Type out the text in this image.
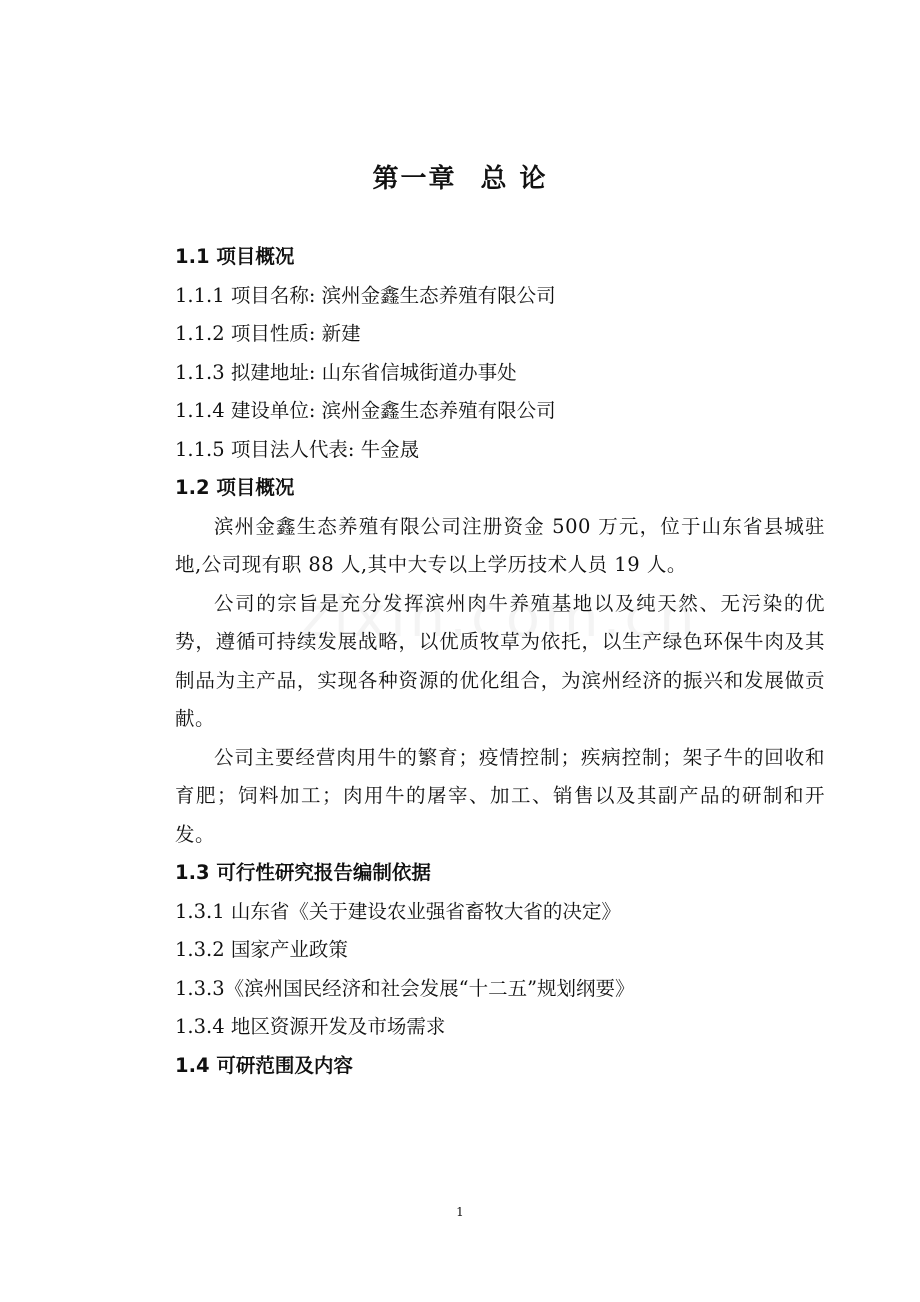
第一章 总 论
1.1 项目概况
1.1.1 项目名称: 滨州金鑫生态养殖有限公司
1.1.2 项目性质: 新建
1.1.3 拟建地址: 山东省信城街道办事处
1.1.4 建设单位: 滨州金鑫生态养殖有限公司
1.1.5 项目法人代表: 牛金晟
1.2 项目概况

滨州金鑫生态养殖有限公司注册资金 500 万元，位于山东省县城驻地,公司现有职 88 人,其中大专以上学历技术人员 19 人。

公司的宗旨是充分发挥滨州肉牛养殖基地以及纯天然、无污染的优势，遵循可持续发展战略，以优质牧草为依托，以生产绿色环保牛肉及其制品为主产品，实现各种资源的优化组合，为滨州经济的振兴和发展做贡献。

公司主要经营肉用牛的繁育；疫情控制；疾病控制；架子牛的回收和育肥；饲料加工；肉用牛的屠宰、加工、销售以及其副产品的研制和开发。

1.3 可行性研究报告编制依据
1.3.1 山东省《关于建设农业强省畜牧大省的决定》
1.3.2 国家产业政策
1.3.3《滨州国民经济和社会发展“十二五”规划纲要》
1.3.4 地区资源开发及市场需求
1.4 可研范围及内容
1
